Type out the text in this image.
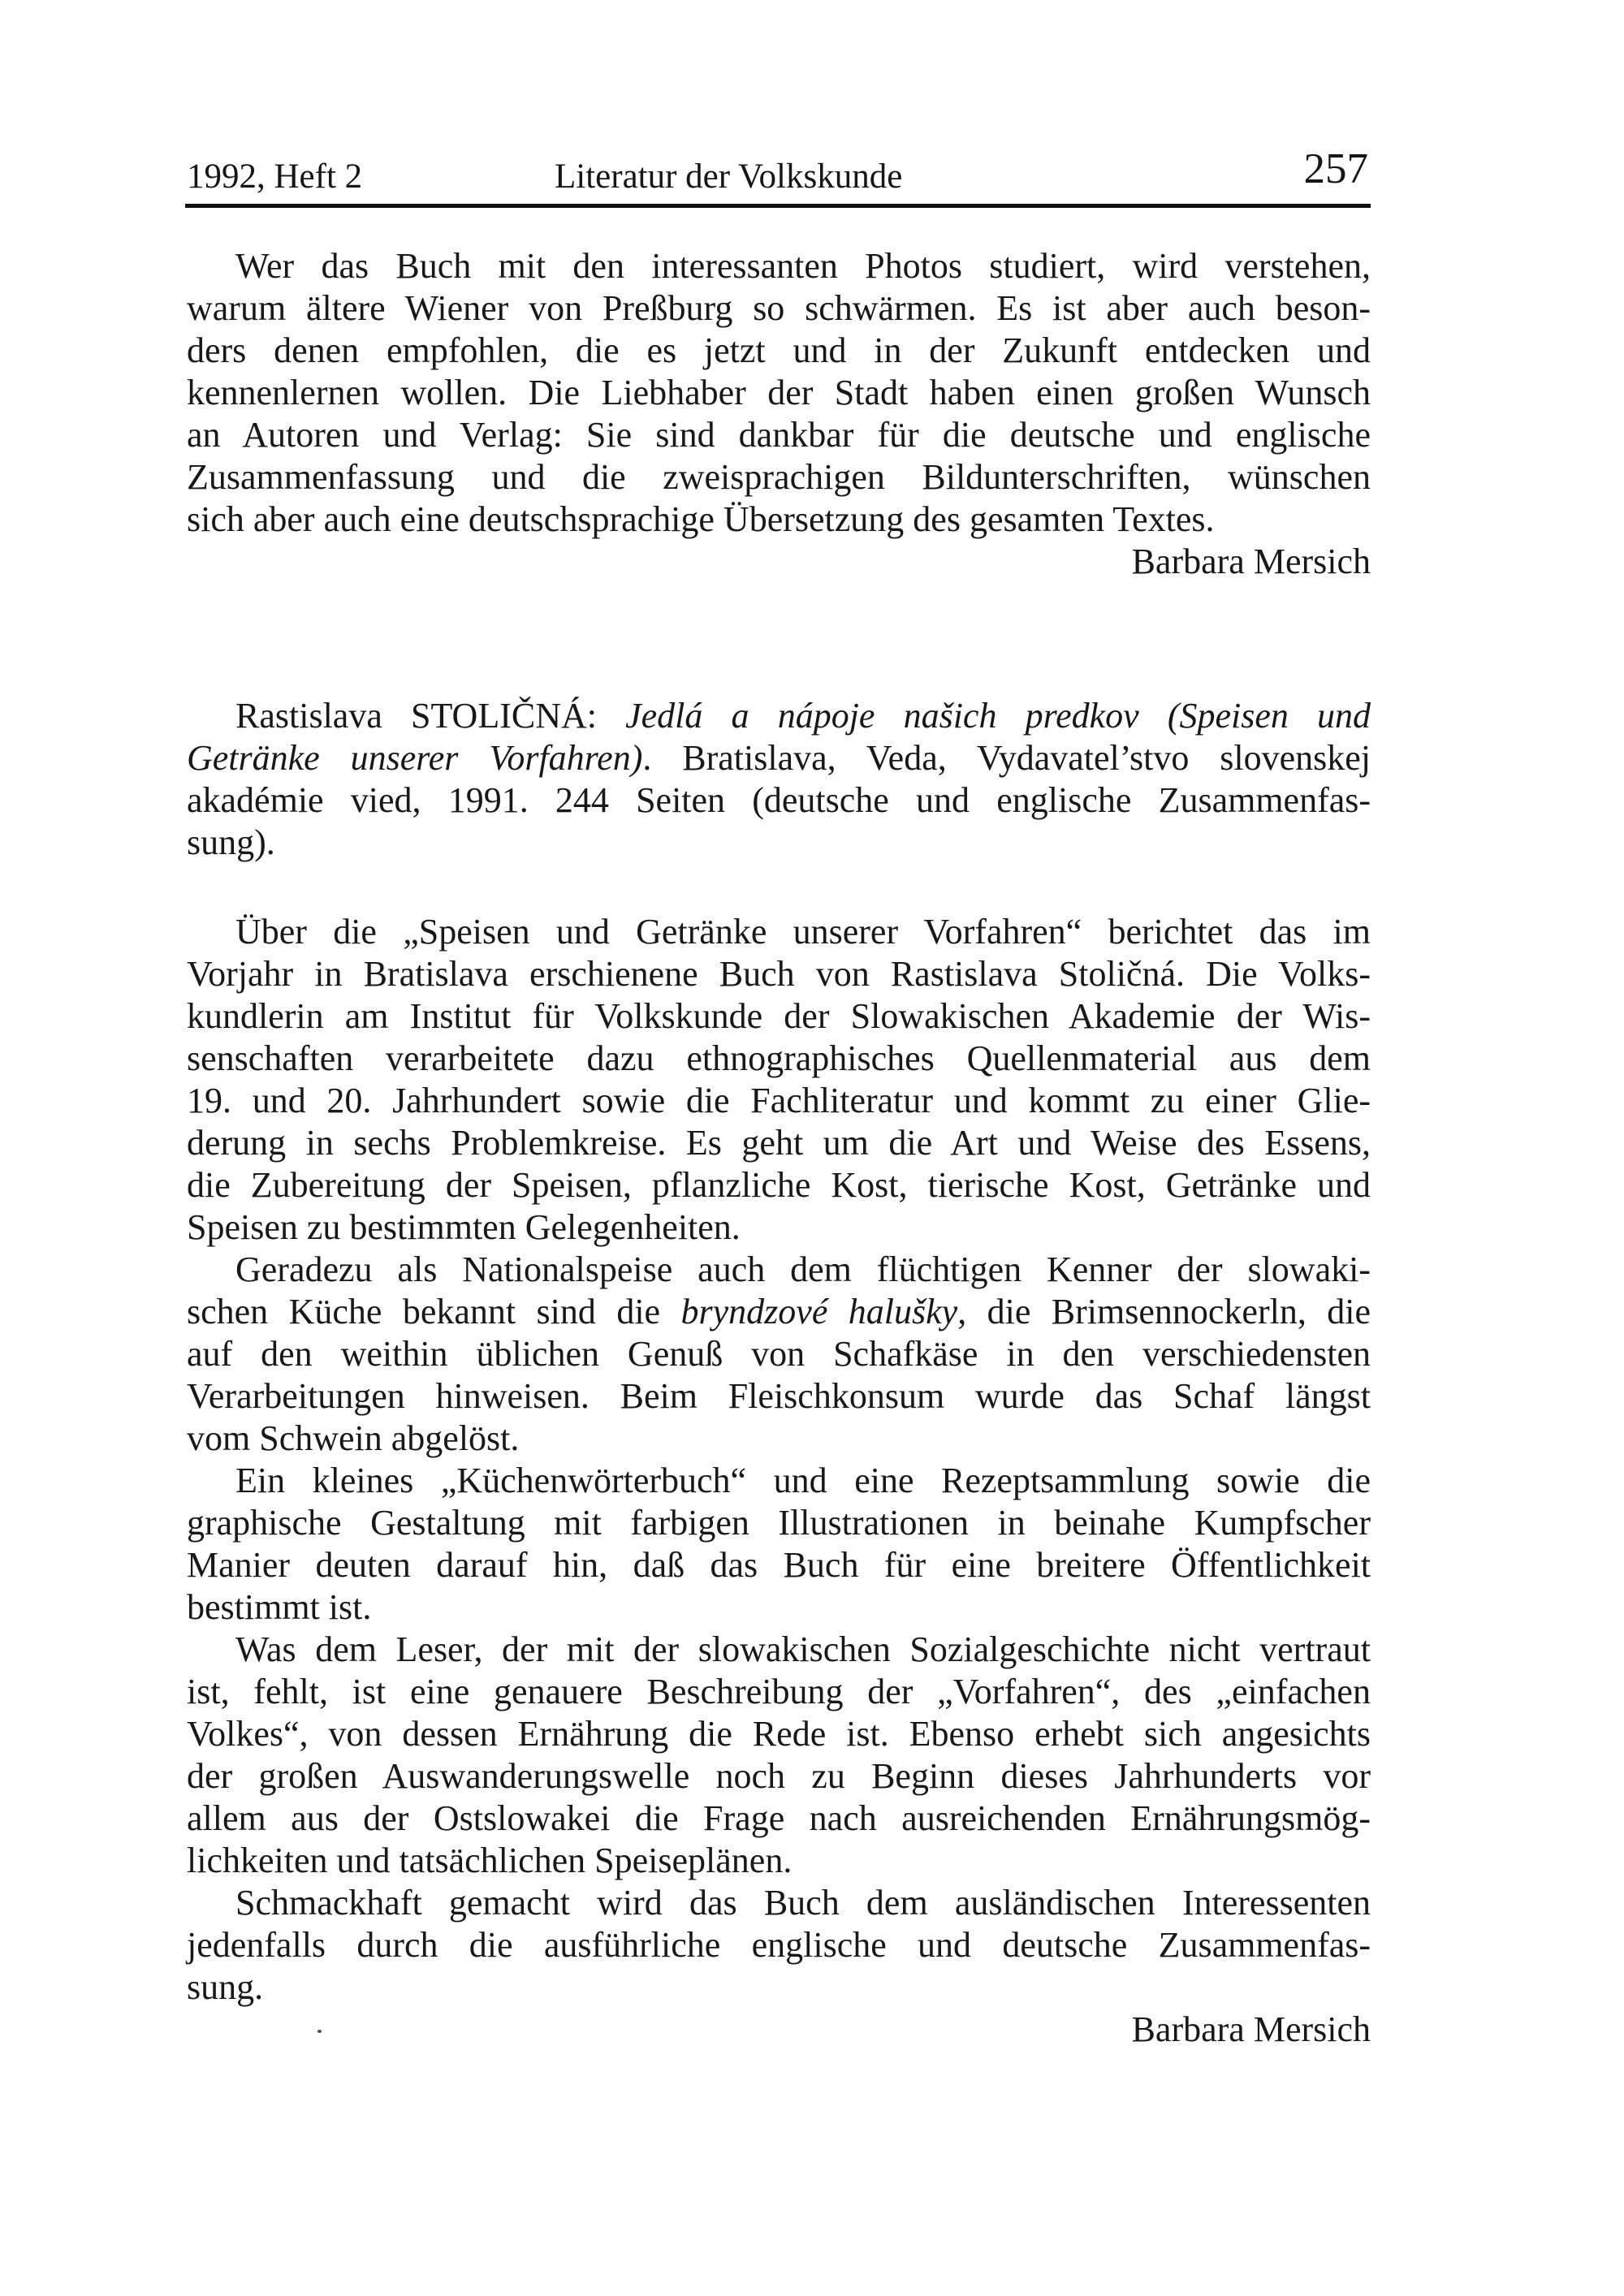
1992, Heft 2	Literatur der Volkskunde	257
Wer das Buch mit den interessanten Photos studiert, wird verstehen,
warum ältere Wiener von Preßburg so schwärmen. Es ist aber auch beson-
ders denen empfohlen, die es jetzt und in der Zukunft entdecken und
kennenlernen wollen. Die Liebhaber der Stadt haben einen großen Wunsch
an Autoren und Verlag: Sie sind dankbar für die deutsche und englische
Zusammenfassung und die zweisprachigen Bildunterschriften, wünschen
sich aber auch eine deutschsprachige Übersetzung des gesamten Textes.
Barbara Mersich
Rastislava STOLIČNÁ: Jedlá a nápoje našich predkov (Speisen und
Getränke unserer Vorfahren). Bratislava, Veda, Vydavatel’stvo slovenskej
akadémie vied, 1991. 244 Seiten (deutsche und englische Zusammenfas-
sung).
Über die „Speisen und Getränke unserer Vorfahren“ berichtet das im
Vorjahr in Bratislava erschienene Buch von Rastislava Stoličná. Die Volks-
kundlerin am Institut für Volkskunde der Slowakischen Akademie der Wis-
senschaften verarbeitete dazu ethnographisches Quellenmaterial aus dem
19. und 20. Jahrhundert sowie die Fachliteratur und kommt zu einer Glie-
derung in sechs Problemkreise. Es geht um die Art und Weise des Essens,
die Zubereitung der Speisen, pflanzliche Kost, tierische Kost, Getränke und
Speisen zu bestimmten Gelegenheiten.
Geradezu als Nationalspeise auch dem flüchtigen Kenner der slowaki-
schen Küche bekannt sind die bryndzové halušky, die Brimsennockerln, die
auf den weithin üblichen Genuß von Schafkäse in den verschiedensten
Verarbeitungen hinweisen. Beim Fleischkonsum wurde das Schaf längst
vom Schwein abgelöst.
Ein kleines „Küchenwörterbuch“ und eine Rezeptsammlung sowie die
graphische Gestaltung mit farbigen Illustrationen in beinahe Kumpfscher
Manier deuten darauf hin, daß das Buch für eine breitere Öffentlichkeit
bestimmt ist.
Was dem Leser, der mit der slowakischen Sozialgeschichte nicht vertraut
ist, fehlt, ist eine genauere Beschreibung der „Vorfahren“, des „einfachen
Volkes“, von dessen Ernährung die Rede ist. Ebenso erhebt sich angesichts
der großen Auswanderungswelle noch zu Beginn dieses Jahrhunderts vor
allem aus der Ostslowakei die Frage nach ausreichenden Ernährungsmög-
lichkeiten und tatsächlichen Speiseplänen.
Schmackhaft gemacht wird das Buch dem ausländischen Interessenten
jedenfalls durch die ausführliche englische und deutsche Zusammenfas-
sung.
Barbara Mersich
